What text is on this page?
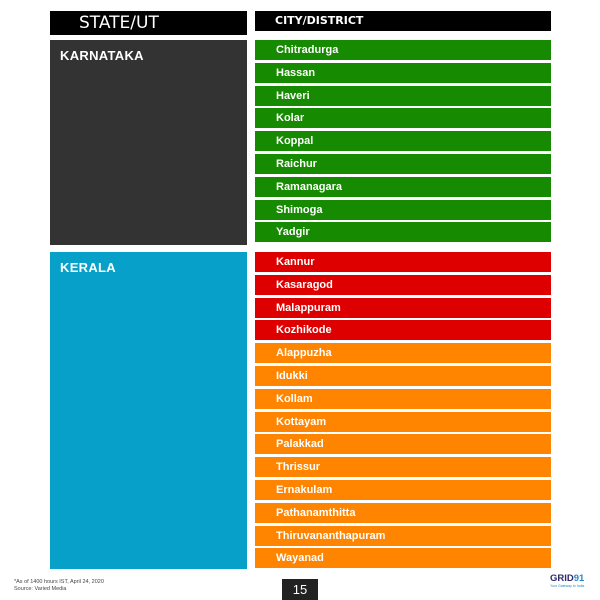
STATE/UT	CITY/DISTRICT
KARNATAKA	Chitradurga
Hassan
Haveri
Kolar
Koppal
Raichur
Ramanagara
Shimoga
Yadgir
KERALA	Kannur
Kasaragod
Malappuram
Kozhikode
Alappuzha
Idukki
Kollam
Kottayam
Palakkad
Thrissur
Ernakulam
Pathanamthitta
Thiruvananthapuram
Wayanad
*As of 1400 hours IST, April 24, 2020
Source: Varied Media	15
GRID91
Your Gateway to India
